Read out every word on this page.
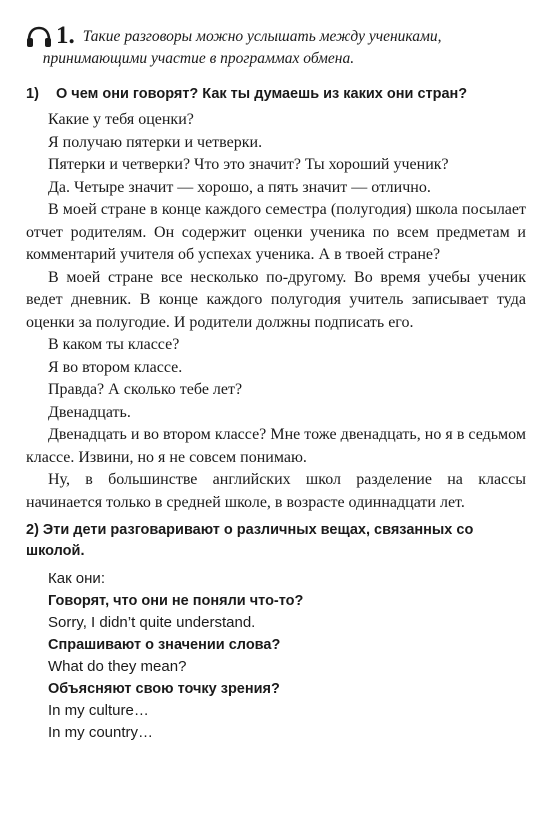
1. Такие разговоры можно услышать между учениками,
принимающими участие в программах обмена.
1) О чем они говорят? Как ты думаешь из каких они стран?

Какие у тебя оценки?

Я получаю пятерки и четверки.

Пятерки и четверки? Что это значит? Ты хороший ученик?

Да. Четыре значит — хорошо, а пять значит — отлично.

В моей стране в конце каждого семестра (полугодия) школа посылает отчет родителям. Он содержит оценки ученика по всем предметам и комментарий учителя об успехах ученика. А в твоей стране?

В моей стране все несколько по-другому. Во время учебы ученик ведет дневник. В конце каждого полугодия учитель записывает туда оценки за полугодие. И родители должны подписать его.

В каком ты классе?

Я во втором классе.

Правда? А сколько тебе лет?

Двенадцать.

Двенадцать и во втором классе? Мне тоже двенадцать, но я в седьмом классе. Извини, но я не совсем понимаю.

Ну, в большинстве английских школ разделение на классы начинается только в средней школе, в возрасте одиннадцати лет.

2) Эти дети разговаривают о различных вещах, связанных со школой.
Как они:
Говорят, что они не поняли что-то?
Sorry, I didn’t quite understand.
Спрашивают о значении слова?
What do they mean?
Объясняют свою точку зрения?
In my culture…
In my country…
